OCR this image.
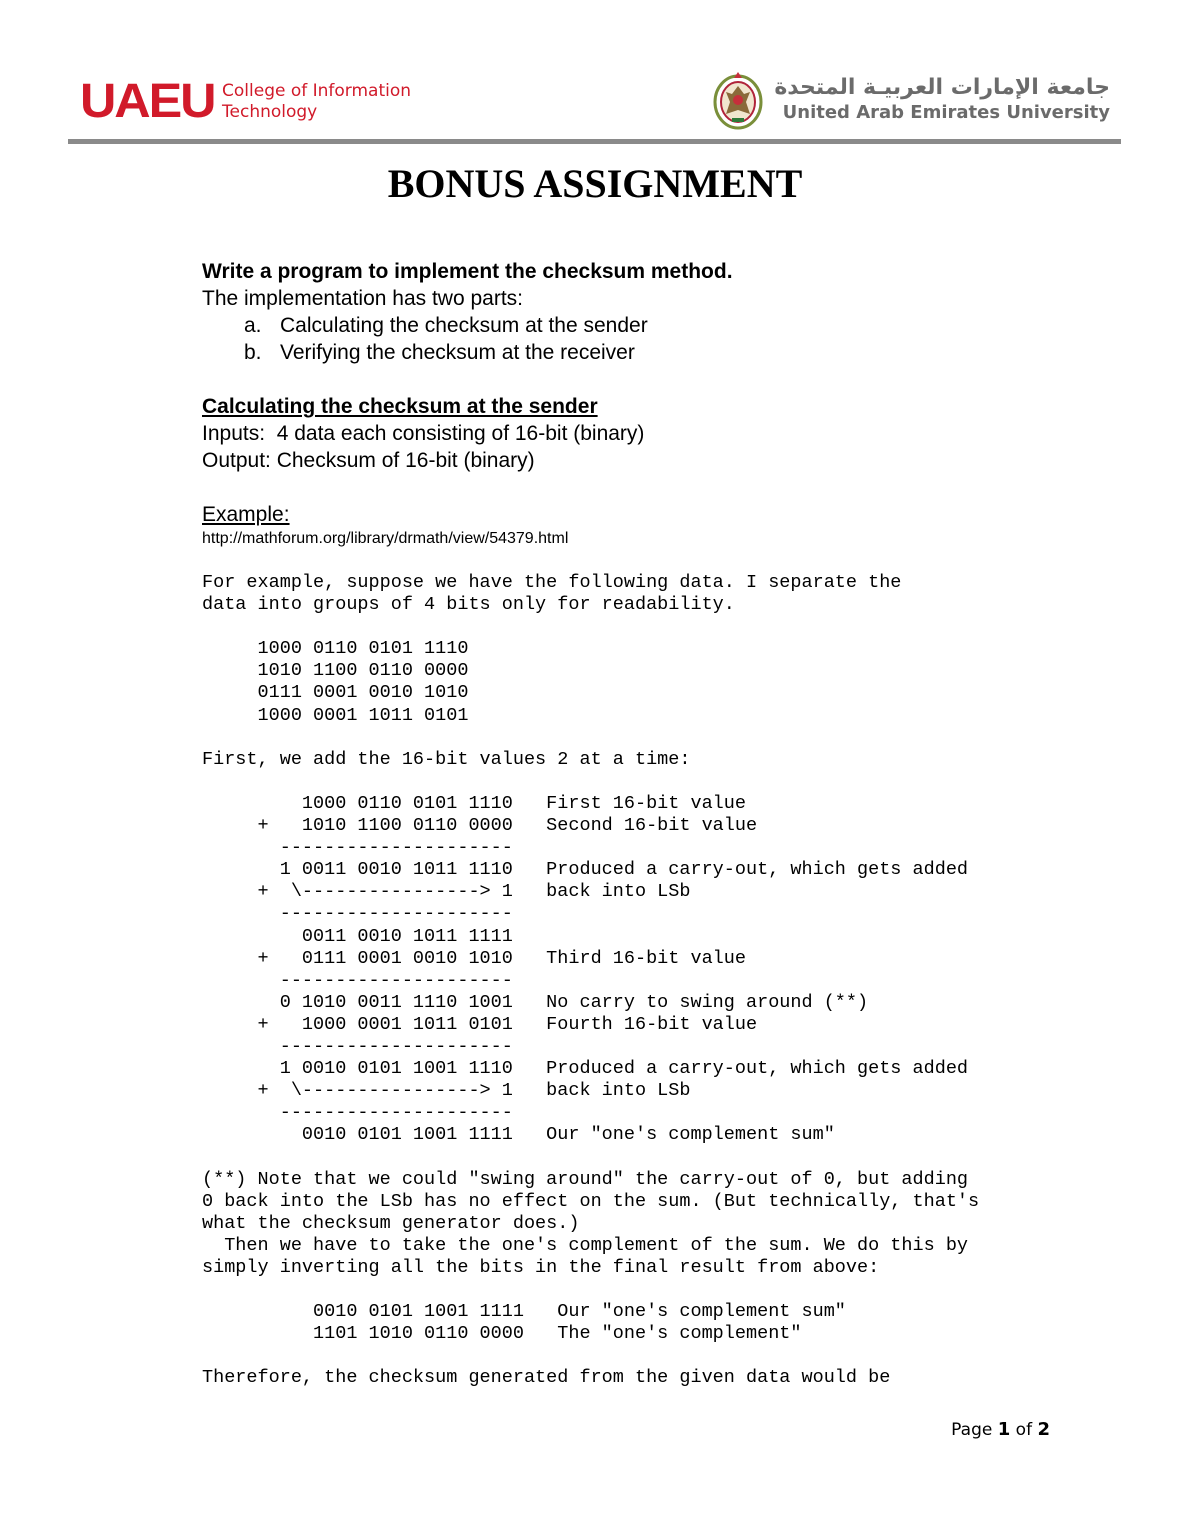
UAEU College of Information
Technology
جامعة الإمارات العربيـة المتحدة
United Arab Emirates University
BONUS ASSIGNMENT

Write a program to implement the checksum method.

The implementation has two parts:

a. Calculating the checksum at the sender
b. Verifying the checksum at the receiver

Calculating the checksum at the sender

Inputs:  4 data each consisting of 16-bit (binary)

Output: Checksum of 16-bit (binary)

Example:

http://mathforum.org/library/drmath/view/54379.html

For example, suppose we have the following data. I separate the
data into groups of 4 bits only for readability.
1000 0110 0101 1110
1010 1100 0110 0000
0111 0001 0010 1010
1000 0001 1011 0101
First, we add the 16-bit values 2 at a time:
1000 0110 0101 1110   First 16-bit value
+   1010 1100 0110 0000   Second 16-bit value
---------------------
1 0011 0010 1011 1110   Produced a carry-out, which gets added
+  \----------------> 1   back into LSb
---------------------
0011 0010 1011 1111
+   0111 0001 0010 1010   Third 16-bit value
---------------------
0 1010 0011 1110 1001   No carry to swing around (**)
+   1000 0001 1011 0101   Fourth 16-bit value
---------------------
1 0010 0101 1001 1110   Produced a carry-out, which gets added
+  \----------------> 1   back into LSb
---------------------
0010 0101 1001 1111   Our "one's complement sum"
(**) Note that we could "swing around" the carry-out of 0, but adding
0 back into the LSb has no effect on the sum. (But technically, that's
what the checksum generator does.)
Then we have to take the one's complement of the sum. We do this by
simply inverting all the bits in the final result from above:
0010 0101 1001 1111   Our "one's complement sum"
1101 1010 0110 0000   The "one's complement"
Therefore, the checksum generated from the given data would be
Page 1 of 2
